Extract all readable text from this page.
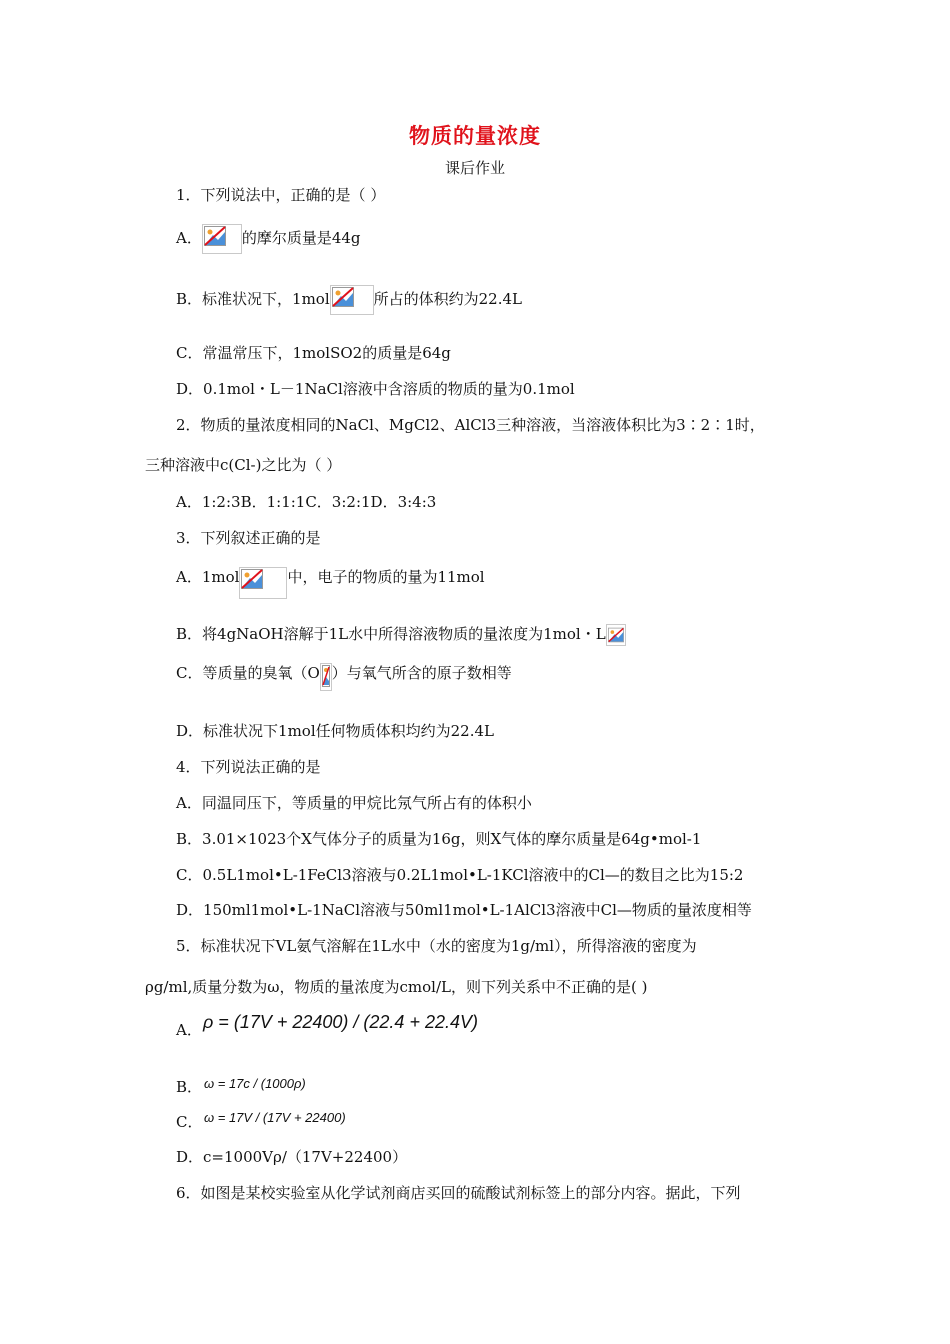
物质的量浓度
课后作业
1．下列说法中，正确的是（ ）
A．	的摩尔质量是44g
B．标准状况下，1mol	所占的体积约为22.4L
C．常温常压下，1molSO2的质量是64g
D．0.1mol・L－1NaCl溶液中含溶质的物质的量为0.1mol
2．物质的量浓度相同的NaCl、MgCl2、AlCl3三种溶液，当溶液体积比为3∶2∶1时，
三种溶液中c(Cl-)之比为（ ）
A．1:2:3B．1:1:1C．3:2:1D．3:4:3
3．下列叙述正确的是
A．1mol	中，电子的物质的量为11mol
B．将4gNaOH溶解于1L水中所得溶液物质的量浓度为1mol・L
C．等质量的臭氧（O ）与氧气所含的原子数相等
D．标准状况下1mol任何物质体积均约为22.4L
4．下列说法正确的是
A．同温同压下，等质量的甲烷比氖气所占有的体积小
B．3.01×1023个X气体分子的质量为16g，则X气体的摩尔质量是64g•mol-1
C．0.5L1mol•L-1FeCl3溶液与0.2L1mol•L-1KCl溶液中的Cl—的数目之比为15:2
D．150ml1mol•L-1NaCl溶液与50ml1mol•L-1AlCl3溶液中Cl—物质的量浓度相等
5．标准状况下VL氨气溶解在1L水中（水的密度为1g/ml），所得溶液的密度为
ρg/ml,质量分数为ω，物质的量浓度为cmol/L，则下列关系中不正确的是( )
A． ρ = (17V + 22400) / (22.4 + 22.4V)
B． ω = 17c / (1000ρ)
C． ω = 17V / (17V + 22400)
D．c=1000Vρ/（17V+22400）
6．如图是某校实验室从化学试剂商店买回的硫酸试剂标签上的部分内容。据此，下列
